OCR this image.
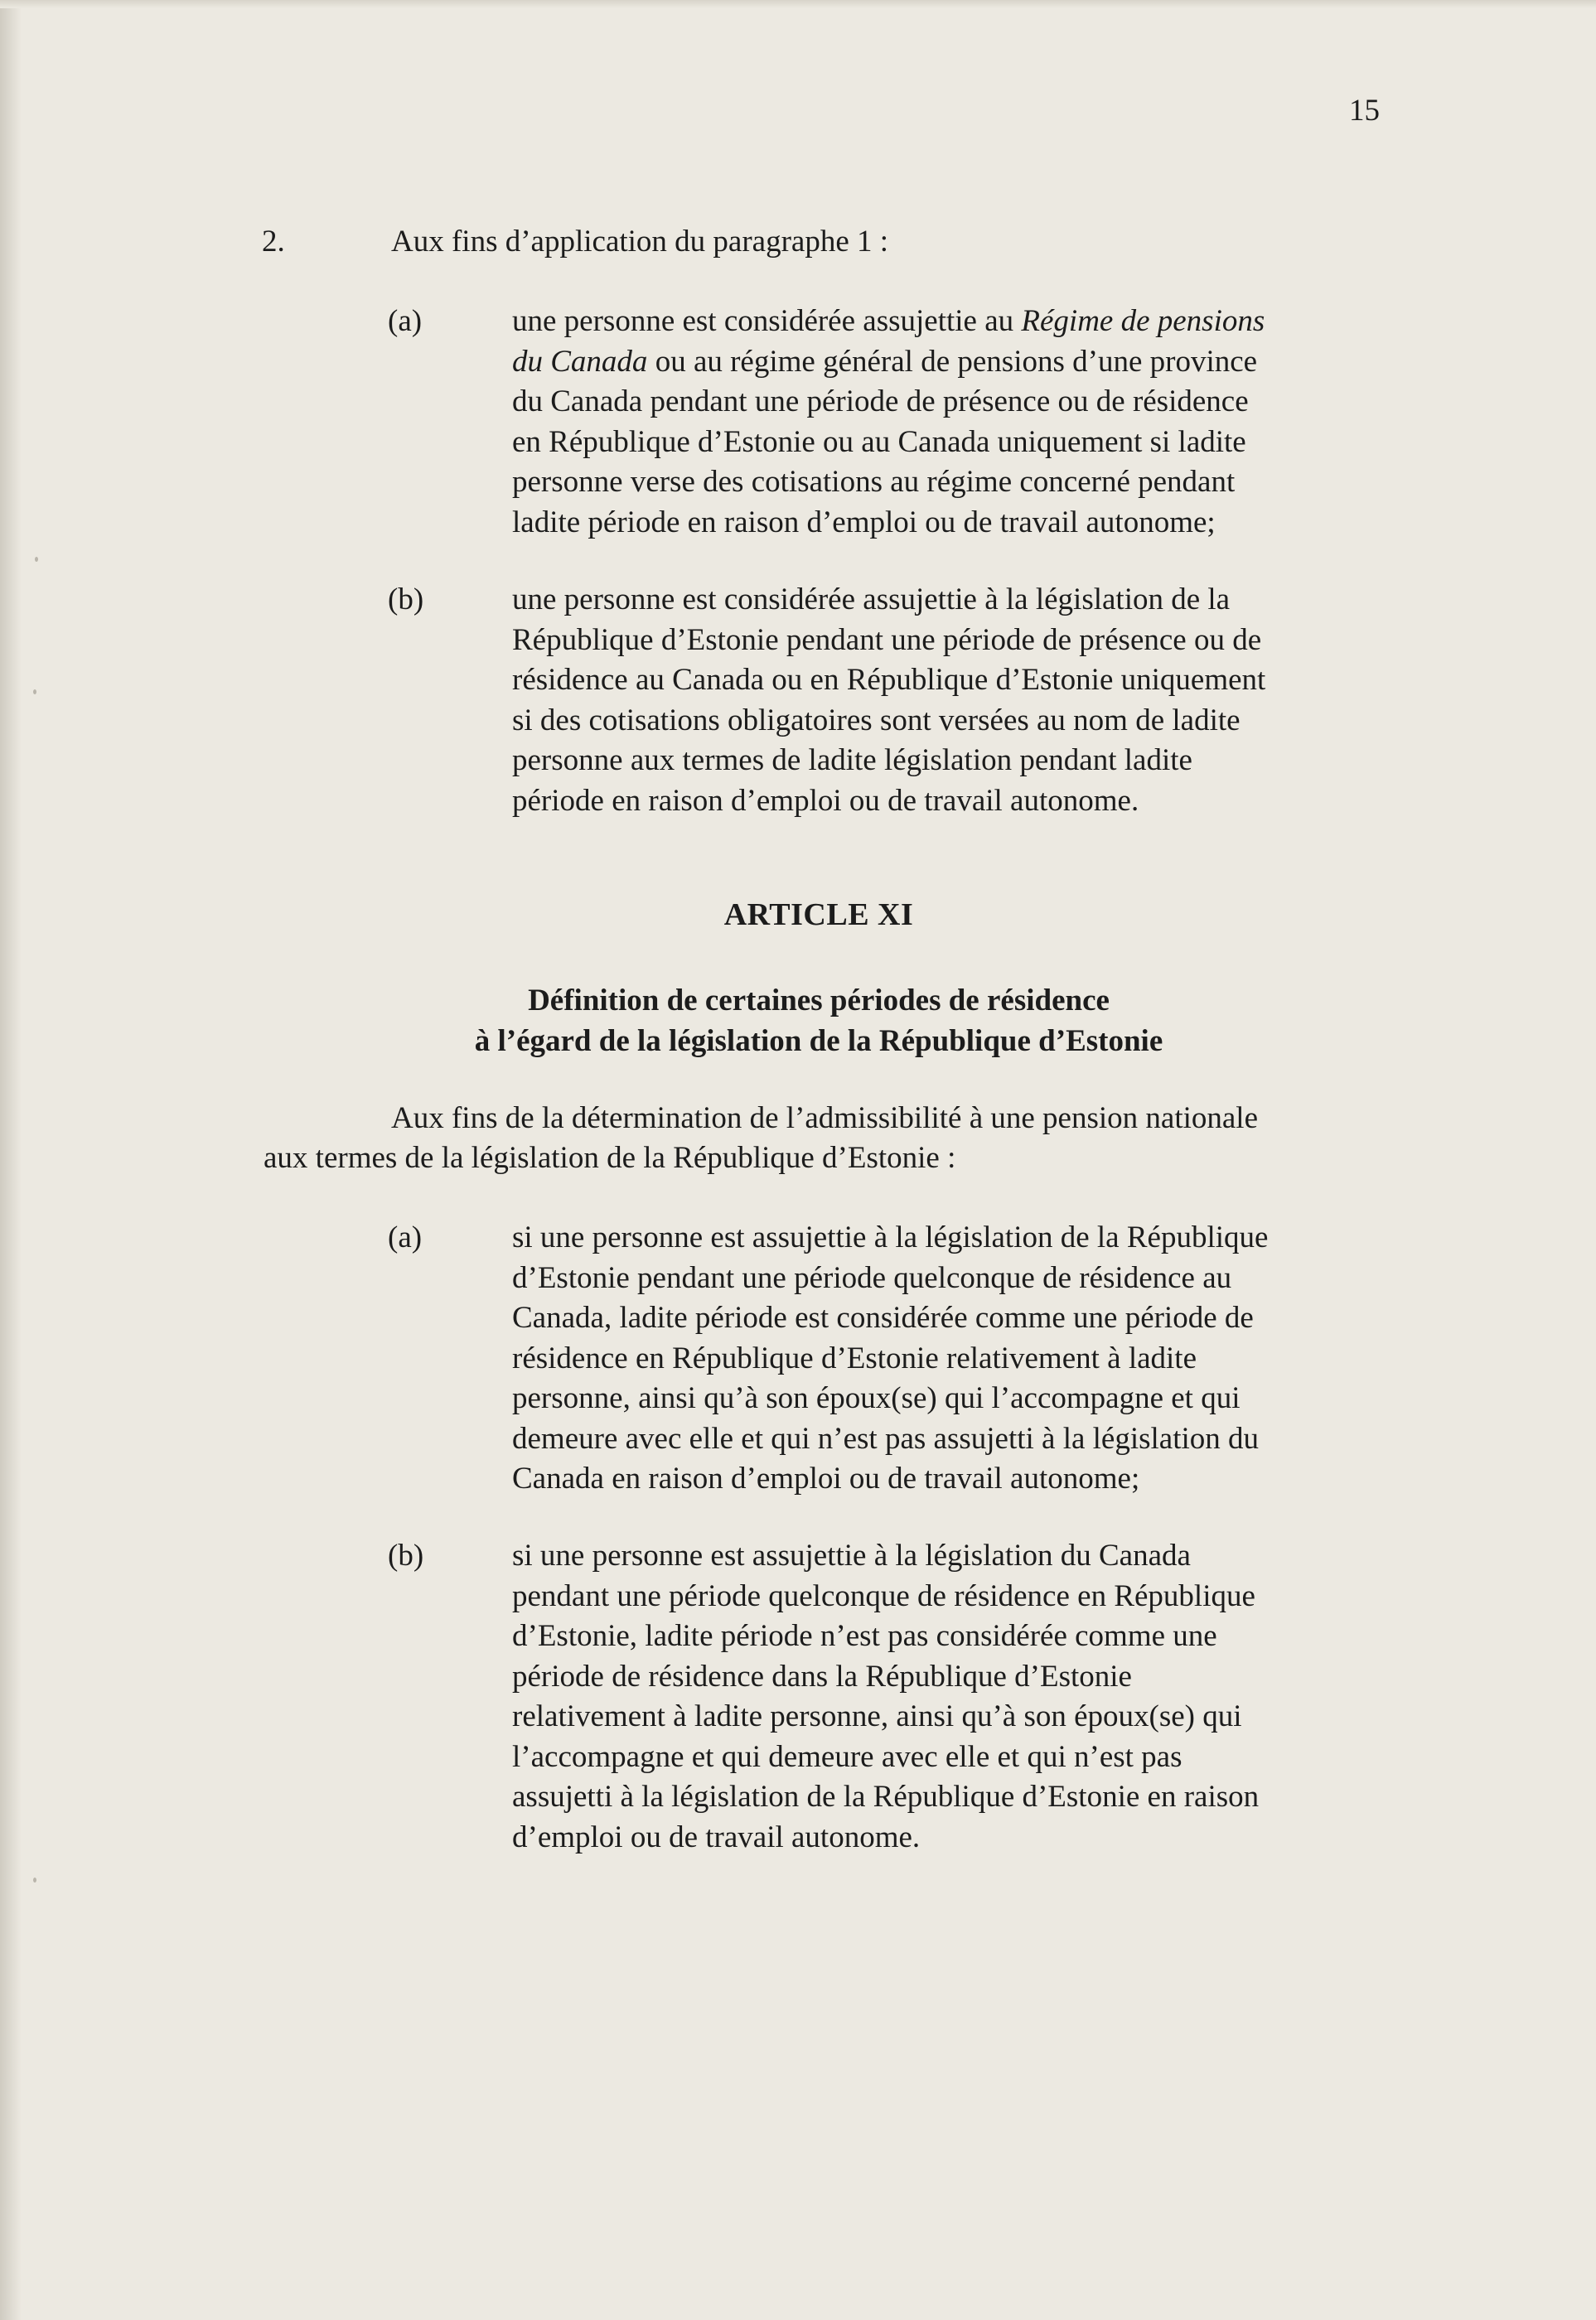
15
2.	Aux fins d’application du paragraphe 1 :
(a)	une personne est considérée assujettie au Régime de pensions
du Canada ou au régime général de pensions d’une province
du Canada pendant une période de présence ou de résidence
en République d’Estonie ou au Canada uniquement si ladite
personne verse des cotisations au régime concerné pendant
ladite période en raison d’emploi ou de travail autonome;
(b)	une personne est considérée assujettie à la législation de la
République d’Estonie pendant une période de présence ou de
résidence au Canada ou en République d’Estonie uniquement
si des cotisations obligatoires sont versées au nom de ladite
personne aux termes de ladite législation pendant ladite
période en raison d’emploi ou de travail autonome.
ARTICLE XI
Définition de certaines périodes de résidence
à l’égard de la législation de la République d’Estonie
Aux fins de la détermination de l’admissibilité à une pension nationale
aux termes de la législation de la République d’Estonie :
(a)	si une personne est assujettie à la législation de la République
d’Estonie pendant une période quelconque de résidence au
Canada, ladite période est considérée comme une période de
résidence en République d’Estonie relativement à ladite
personne, ainsi qu’à son époux(se) qui l’accompagne et qui
demeure avec elle et qui n’est pas assujetti à la législation du
Canada en raison d’emploi ou de travail autonome;
(b)	si une personne est assujettie à la législation du Canada
pendant une période quelconque de résidence en République
d’Estonie, ladite période n’est pas considérée comme une
période de résidence dans la République d’Estonie
relativement à ladite personne, ainsi qu’à son époux(se) qui
l’accompagne et qui demeure avec elle et qui n’est pas
assujetti à la législation de la République d’Estonie en raison
d’emploi ou de travail autonome.
